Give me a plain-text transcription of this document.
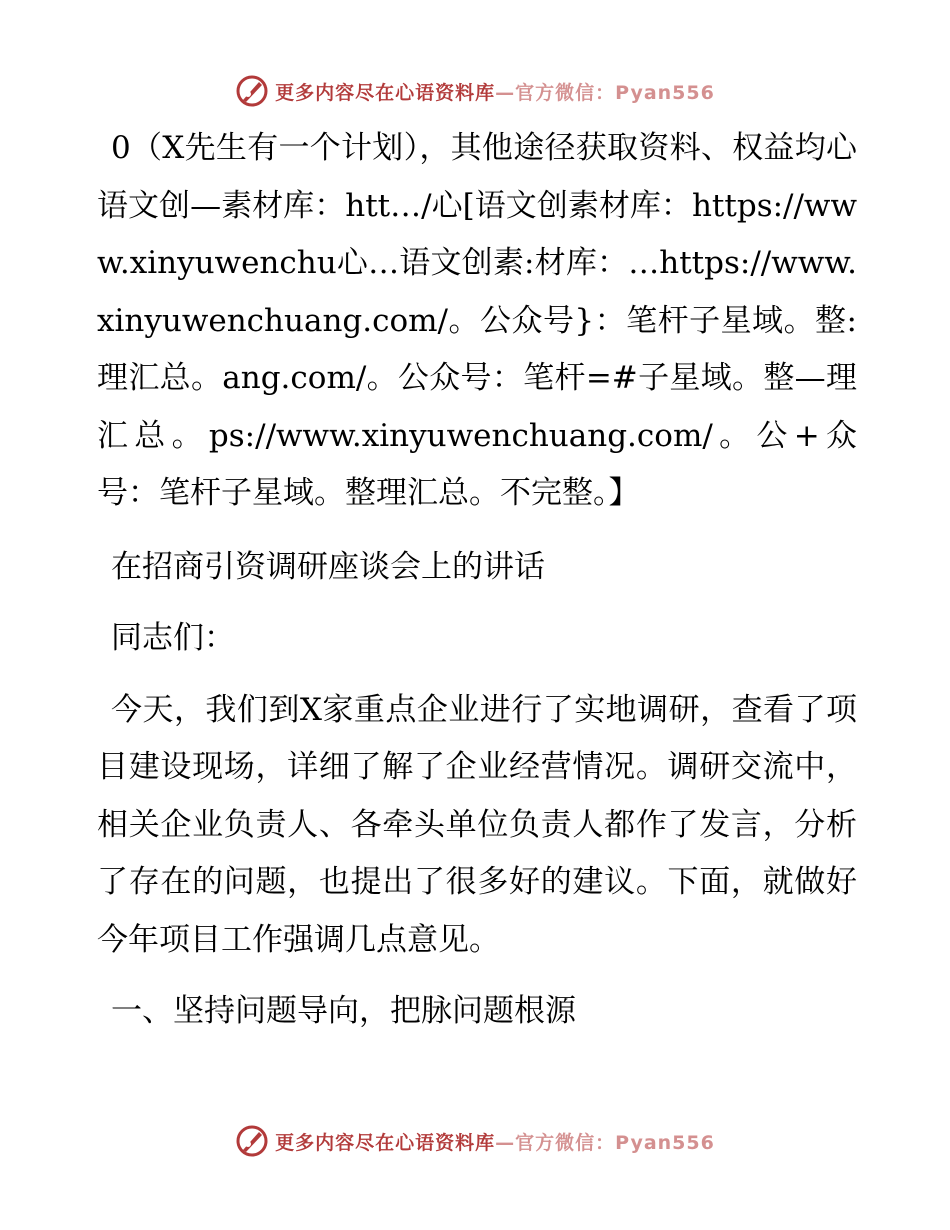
更多内容尽在心语资料库—官方微信：Pyan556

0（X先生有一个计划），其他途径获取资料、权益均心语文创—素材库：htt…/心[语文创素材库：https://www.xinyuwenchu心…语文创素:材库：…https://www.xinyuwenchuang.com/。公众号}：笔杆子星域。整:理汇总。ang.com/。公众号：笔杆=#子星域。整—理汇总。ps://www.xinyuwenchuang.com/。公+众号：笔杆子星域。整理汇总。不完整。】

在招商引资调研座谈会上的讲话

同志们：

今天，我们到X家重点企业进行了实地调研，查看了项目建设现场，详细了解了企业经营情况。调研交流中，相关企业负责人、各牵头单位负责人都作了发言，分析了存在的问题，也提出了很多好的建议。下面，就做好今年项目工作强调几点意见。

一、坚持问题导向，把脉问题根源

更多内容尽在心语资料库—官方微信：Pyan556
